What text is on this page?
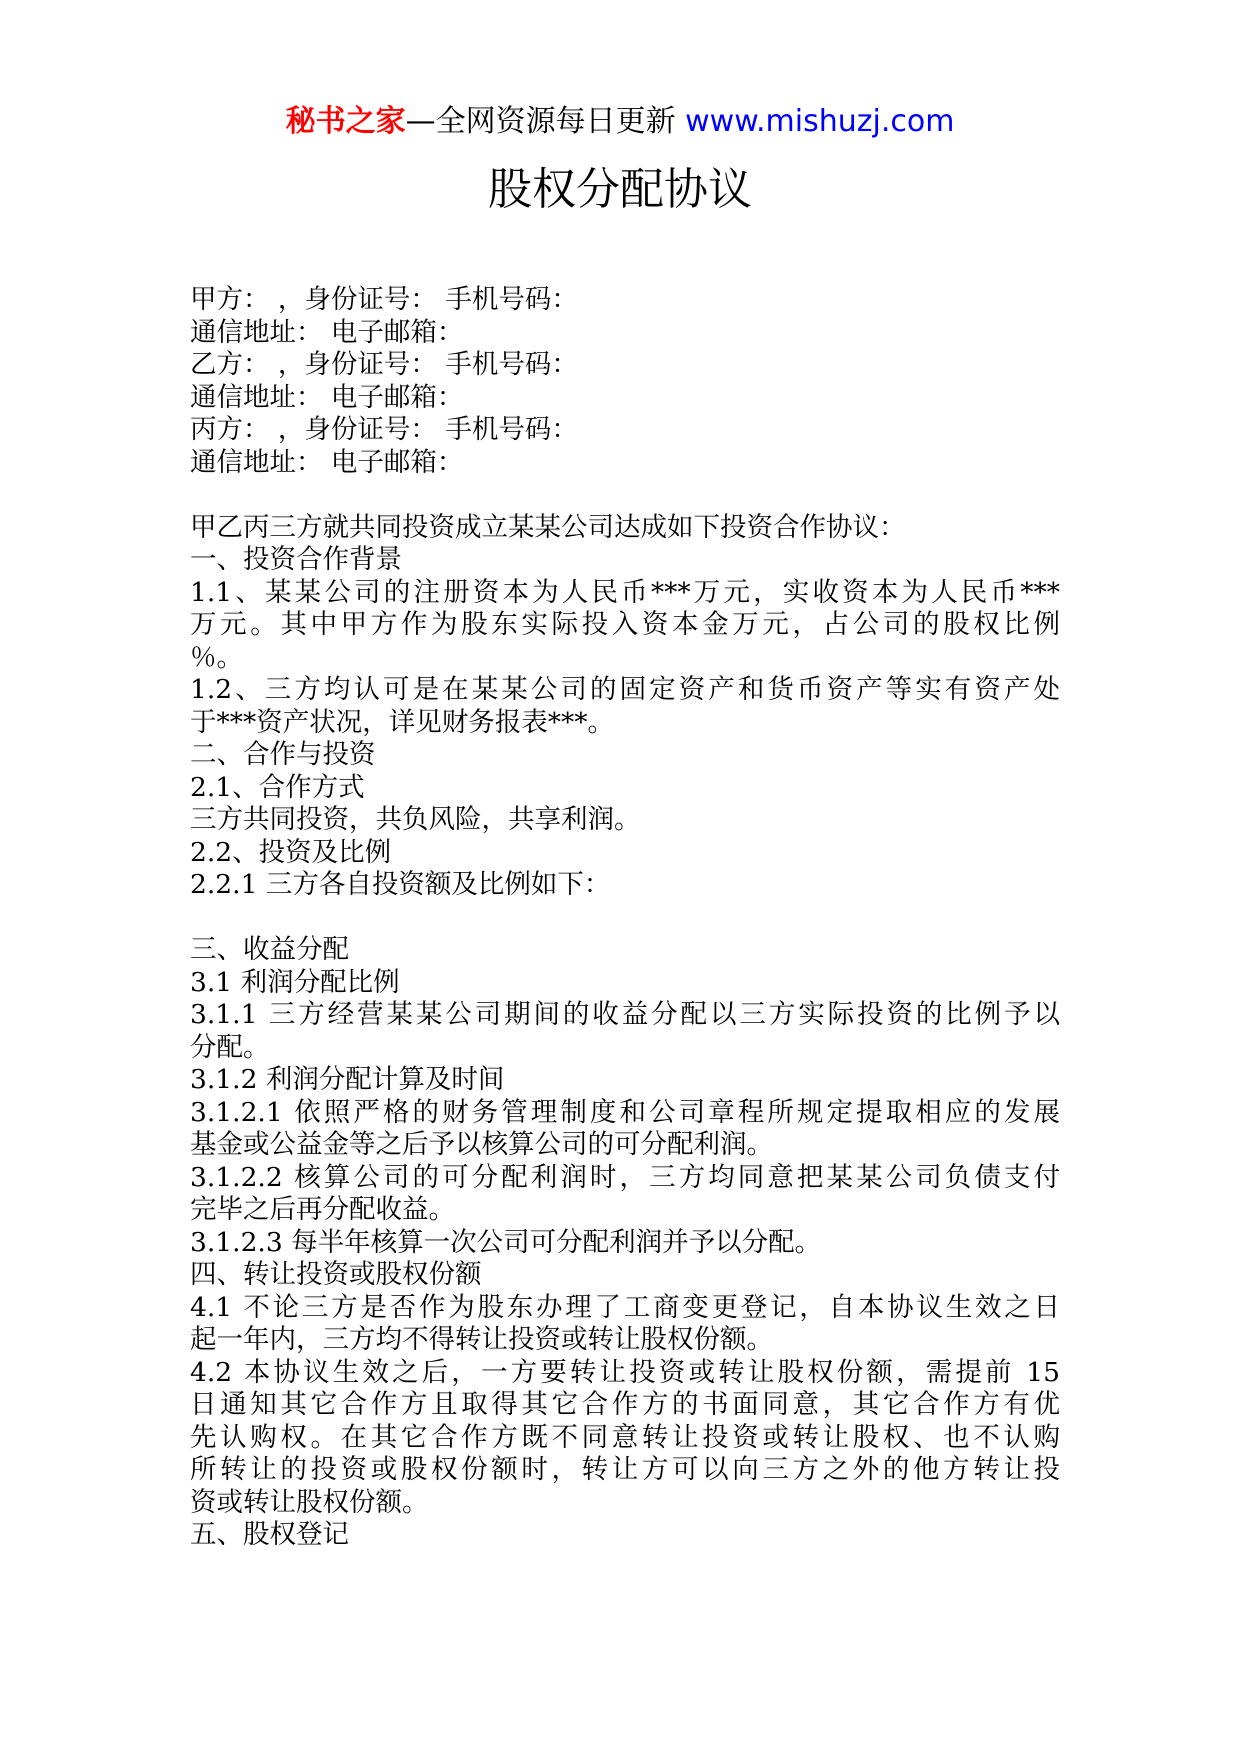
秘书之家—全网资源每日更新 www.mishuzj.com
股权分配协议
甲方： ，身份证号： 手机号码：
通信地址： 电子邮箱：
乙方： ，身份证号： 手机号码：
通信地址： 电子邮箱：
丙方： ，身份证号： 手机号码：
通信地址： 电子邮箱：
甲乙丙三方就共同投资成立某某公司达成如下投资合作协议：
一、投资合作背景
1.1、某某公司的注册资本为人民币***万元，实收资本为人民币***
万元。其中甲方作为股东实际投入资本金万元，占公司的股权比例
％。
1.2、三方均认可是在某某公司的固定资产和货币资产等实有资产处
于***资产状况，详见财务报表***。
二、合作与投资
2.1、合作方式
三方共同投资，共负风险，共享利润。
2.2、投资及比例
2.2.1 三方各自投资额及比例如下：
三、收益分配
3.1 利润分配比例
3.1.1 三方经营某某公司期间的收益分配以三方实际投资的比例予以
分配。
3.1.2 利润分配计算及时间
3.1.2.1 依照严格的财务管理制度和公司章程所规定提取相应的发展
基金或公益金等之后予以核算公司的可分配利润。
3.1.2.2 核算公司的可分配利润时，三方均同意把某某公司负债支付
完毕之后再分配收益。
3.1.2.3 每半年核算一次公司可分配利润并予以分配。
四、转让投资或股权份额
4.1 不论三方是否作为股东办理了工商变更登记，自本协议生效之日
起一年内，三方均不得转让投资或转让股权份额。
4.2 本协议生效之后，一方要转让投资或转让股权份额，需提前 15
日通知其它合作方且取得其它合作方的书面同意，其它合作方有优
先认购权。在其它合作方既不同意转让投资或转让股权、也不认购
所转让的投资或股权份额时，转让方可以向三方之外的他方转让投
资或转让股权份额。
五、股权登记
